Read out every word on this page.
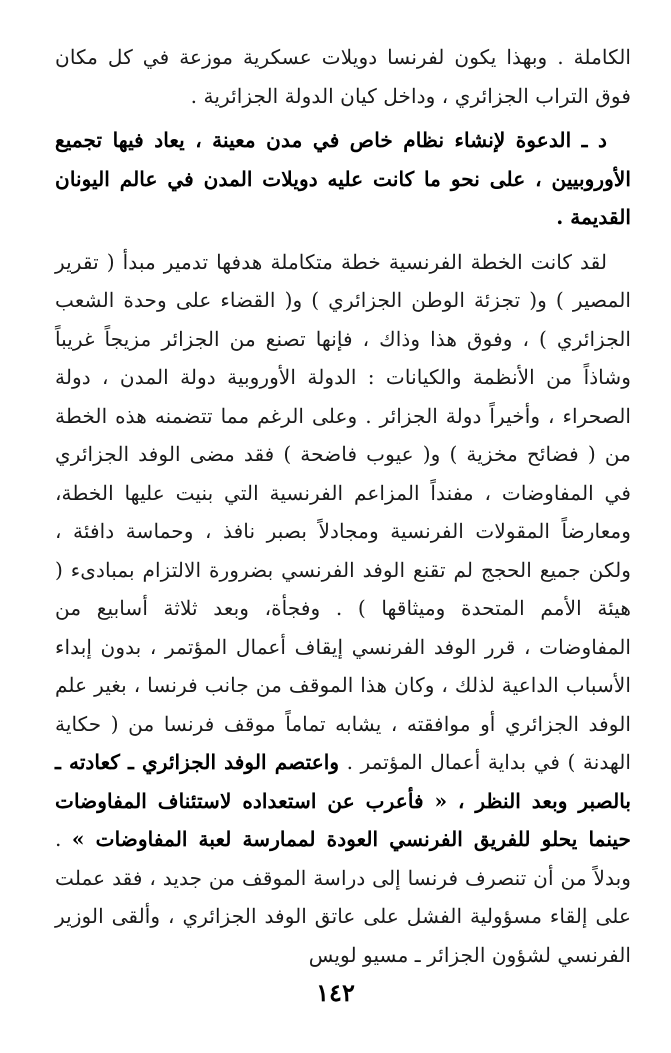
الكاملة . وبهذا يكون لفرنسا دويلات عسكرية موزعة في كل مكان فوق التراب الجزائري ، وداخل كيان الدولة الجزائرية .

د ـ الدعوة لإنشاء نظام خاص في مدن معينة ، يعاد فيها تجميع الأوروبيين ، على نحو ما كانت عليه دويلات المدن في عالم اليونان القديمة .

لقد كانت الخطة الفرنسية خطة متكاملة هدفها تدمير مبدأ ( تقرير المصير ) و( تجزئة الوطن الجزائري ) و( القضاء على وحدة الشعب الجزائري ) ، وفوق هذا وذاك ، فإنها تصنع من الجزائر مزيجاً غريباً وشاذاً من الأنظمة والكيانات : الدولة الأوروبية دولة المدن ، دولة الصحراء ، وأخيراً دولة الجزائر . وعلى الرغم مما تتضمنه هذه الخطة من ( فضائح مخزية ) و( عيوب فاضحة ) فقد مضى الوفد الجزائري في المفاوضات ، مفنداً المزاعم الفرنسية التي بنيت عليها الخطة، ومعارضاً المقولات الفرنسية ومجادلاً بصبر نافذ ، وحماسة دافئة ، ولكن جميع الحجج لم تقنع الوفد الفرنسي بضرورة الالتزام بمبادىء ( هيئة الأمم المتحدة وميثاقها ) . وفجأة، وبعد ثلاثة أسابيع من المفاوضات ، قرر الوفد الفرنسي إيقاف أعمال المؤتمر ، بدون إبداء الأسباب الداعية لذلك ، وكان هذا الموقف من جانب فرنسا ، بغير علم الوفد الجزائري أو موافقته ، يشابه تماماً موقف فرنسا من ( حكاية الهدنة ) في بداية أعمال المؤتمر . واعتصم الوفد الجزائري ـ كعادته ـ بالصبر وبعد النظر ، « فأعرب عن استعداده لاستئناف المفاوضات حينما يحلو للفريق الفرنسي العودة لممارسة لعبة المفاوضات » . وبدلاً من أن تنصرف فرنسا إلى دراسة الموقف من جديد ، فقد عملت على إلقاء مسؤولية الفشل على عاتق الوفد الجزائري ، وألقى الوزير الفرنسي لشؤون الجزائر ـ مسيو لويس

١٤٢
